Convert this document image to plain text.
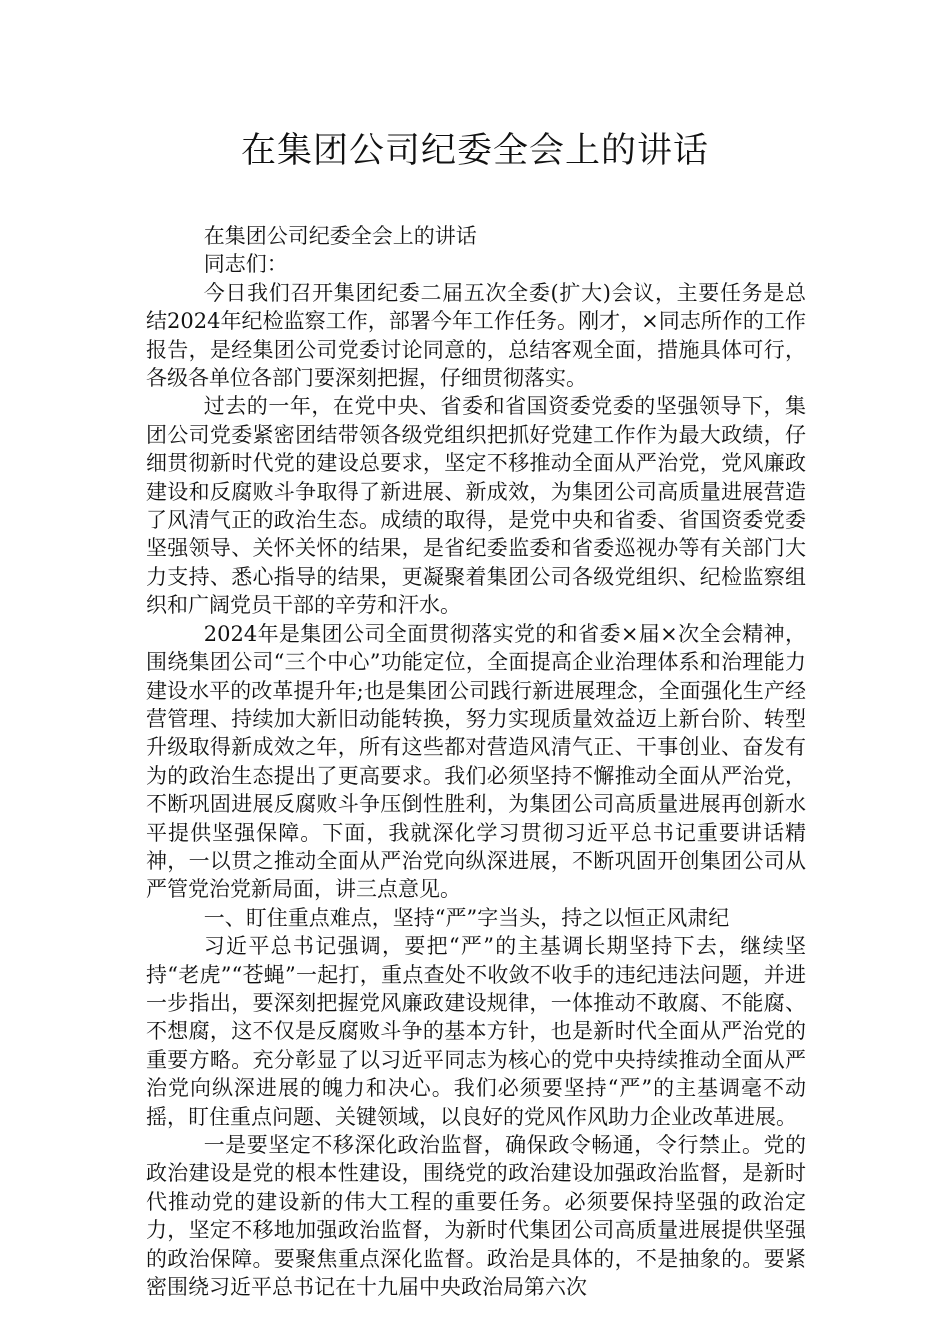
在集团公司纪委全会上的讲话

在集团公司纪委全会上的讲话

同志们：

今日我们召开集团纪委二届五次全委(扩大)会议，主要任务是总结2024年纪检监察工作，部署今年工作任务。刚才，×同志所作的工作报告，是经集团公司党委讨论同意的，总结客观全面，措施具体可行，各级各单位各部门要深刻把握，仔细贯彻落实。

过去的一年，在党中央、省委和省国资委党委的坚强领导下，集团公司党委紧密团结带领各级党组织把抓好党建工作作为最大政绩，仔细贯彻新时代党的建设总要求，坚定不移推动全面从严治党，党风廉政建设和反腐败斗争取得了新进展、新成效，为集团公司高质量进展营造了风清气正的政治生态。成绩的取得，是党中央和省委、省国资委党委坚强领导、关怀关怀的结果，是省纪委监委和省委巡视办等有关部门大力支持、悉心指导的结果，更凝聚着集团公司各级党组织、纪检监察组织和广阔党员干部的辛劳和汗水。

2024年是集团公司全面贯彻落实党的和省委×届×次全会精神，围绕集团公司“三个中心”功能定位，全面提高企业治理体系和治理能力建设水平的改革提升年;也是集团公司践行新进展理念，全面强化生产经营管理、持续加大新旧动能转换，努力实现质量效益迈上新台阶、转型升级取得新成效之年，所有这些都对营造风清气正、干事创业、奋发有为的政治生态提出了更高要求。我们必须坚持不懈推动全面从严治党，不断巩固进展反腐败斗争压倒性胜利，为集团公司高质量进展再创新水平提供坚强保障。下面，我就深化学习贯彻习近平总书记重要讲话精神，一以贯之推动全面从严治党向纵深进展，不断巩固开创集团公司从严管党治党新局面，讲三点意见。

一、盯住重点难点，坚持“严”字当头，持之以恒正风肃纪

习近平总书记强调，要把“严”的主基调长期坚持下去，继续坚持“老虎”“苍蝇”一起打，重点查处不收敛不收手的违纪违法问题，并进一步指出，要深刻把握党风廉政建设规律，一体推动不敢腐、不能腐、不想腐，这不仅是反腐败斗争的基本方针，也是新时代全面从严治党的重要方略。充分彰显了以习近平同志为核心的党中央持续推动全面从严治党向纵深进展的魄力和决心。我们必须要坚持“严”的主基调毫不动摇，盯住重点问题、关键领域，以良好的党风作风助力企业改革进展。

一是要坚定不移深化政治监督，确保政令畅通，令行禁止。党的政治建设是党的根本性建设，围绕党的政治建设加强政治监督，是新时代推动党的建设新的伟大工程的重要任务。必须要保持坚强的政治定力，坚定不移地加强政治监督，为新时代集团公司高质量进展提供坚强的政治保障。要聚焦重点深化监督。政治是具体的，不是抽象的。要紧密围绕习近平总书记在十九届中央政治局第六次
